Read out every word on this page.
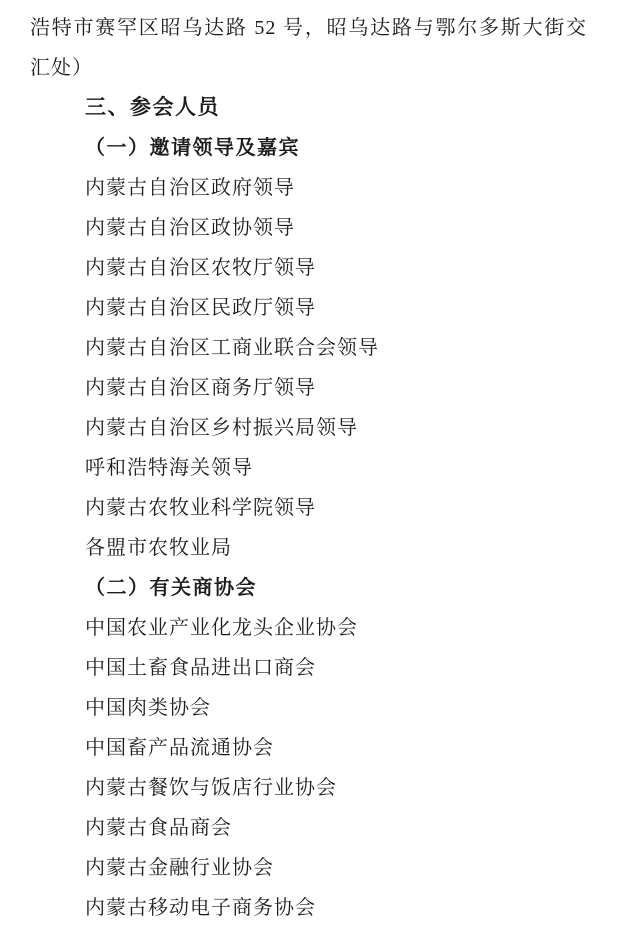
浩特市赛罕区昭乌达路 52 号，昭乌达路与鄂尔多斯大街交
汇处）
三、参会人员
（一）邀请领导及嘉宾
内蒙古自治区政府领导
内蒙古自治区政协领导
内蒙古自治区农牧厅领导
内蒙古自治区民政厅领导
内蒙古自治区工商业联合会领导
内蒙古自治区商务厅领导
内蒙古自治区乡村振兴局领导
呼和浩特海关领导
内蒙古农牧业科学院领导
各盟市农牧业局
（二）有关商协会
中国农业产业化龙头企业协会
中国土畜食品进出口商会
中国肉类协会
中国畜产品流通协会
内蒙古餐饮与饭店行业协会
内蒙古食品商会
内蒙古金融行业协会
内蒙古移动电子商务协会
